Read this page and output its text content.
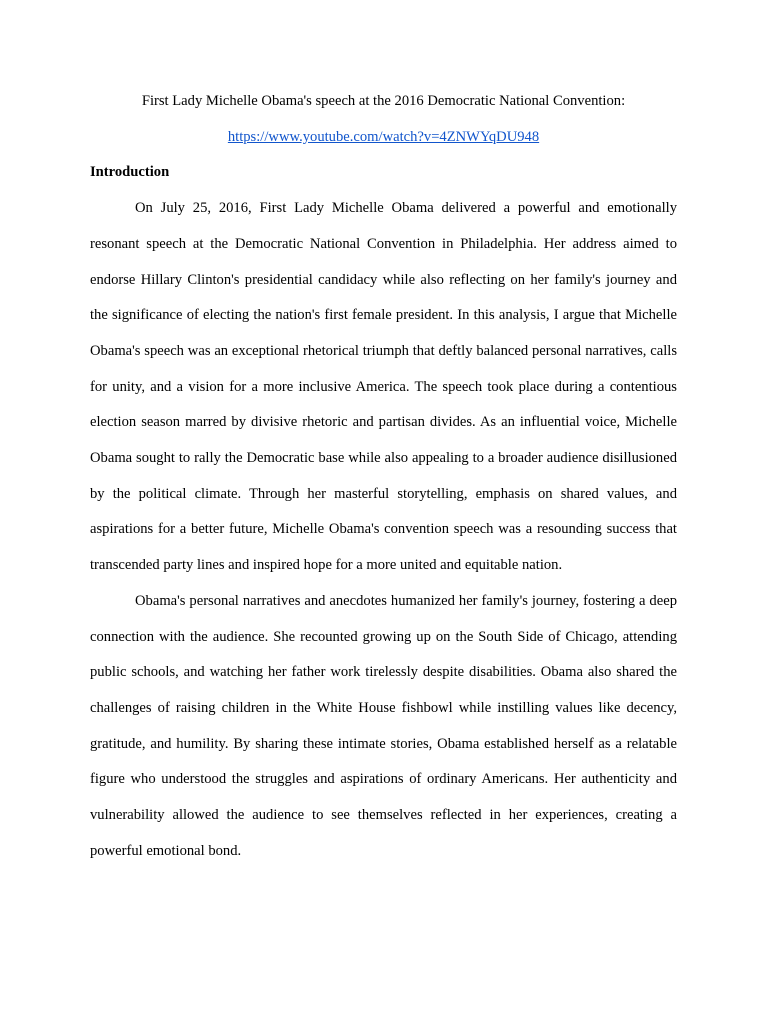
First Lady Michelle Obama's speech at the 2016 Democratic National Convention:

https://www.youtube.com/watch?v=4ZNWYqDU948

Introduction

On July 25, 2016, First Lady Michelle Obama delivered a powerful and emotionally resonant speech at the Democratic National Convention in Philadelphia. Her address aimed to endorse Hillary Clinton's presidential candidacy while also reflecting on her family's journey and the significance of electing the nation's first female president. In this analysis, I argue that Michelle Obama's speech was an exceptional rhetorical triumph that deftly balanced personal narratives, calls for unity, and a vision for a more inclusive America. The speech took place during a contentious election season marred by divisive rhetoric and partisan divides. As an influential voice, Michelle Obama sought to rally the Democratic base while also appealing to a broader audience disillusioned by the political climate. Through her masterful storytelling, emphasis on shared values, and aspirations for a better future, Michelle Obama's convention speech was a resounding success that transcended party lines and inspired hope for a more united and equitable nation.

Obama's personal narratives and anecdotes humanized her family's journey, fostering a deep connection with the audience. She recounted growing up on the South Side of Chicago, attending public schools, and watching her father work tirelessly despite disabilities. Obama also shared the challenges of raising children in the White House fishbowl while instilling values like decency, gratitude, and humility. By sharing these intimate stories, Obama established herself as a relatable figure who understood the struggles and aspirations of ordinary Americans. Her authenticity and vulnerability allowed the audience to see themselves reflected in her experiences, creating a powerful emotional bond.
